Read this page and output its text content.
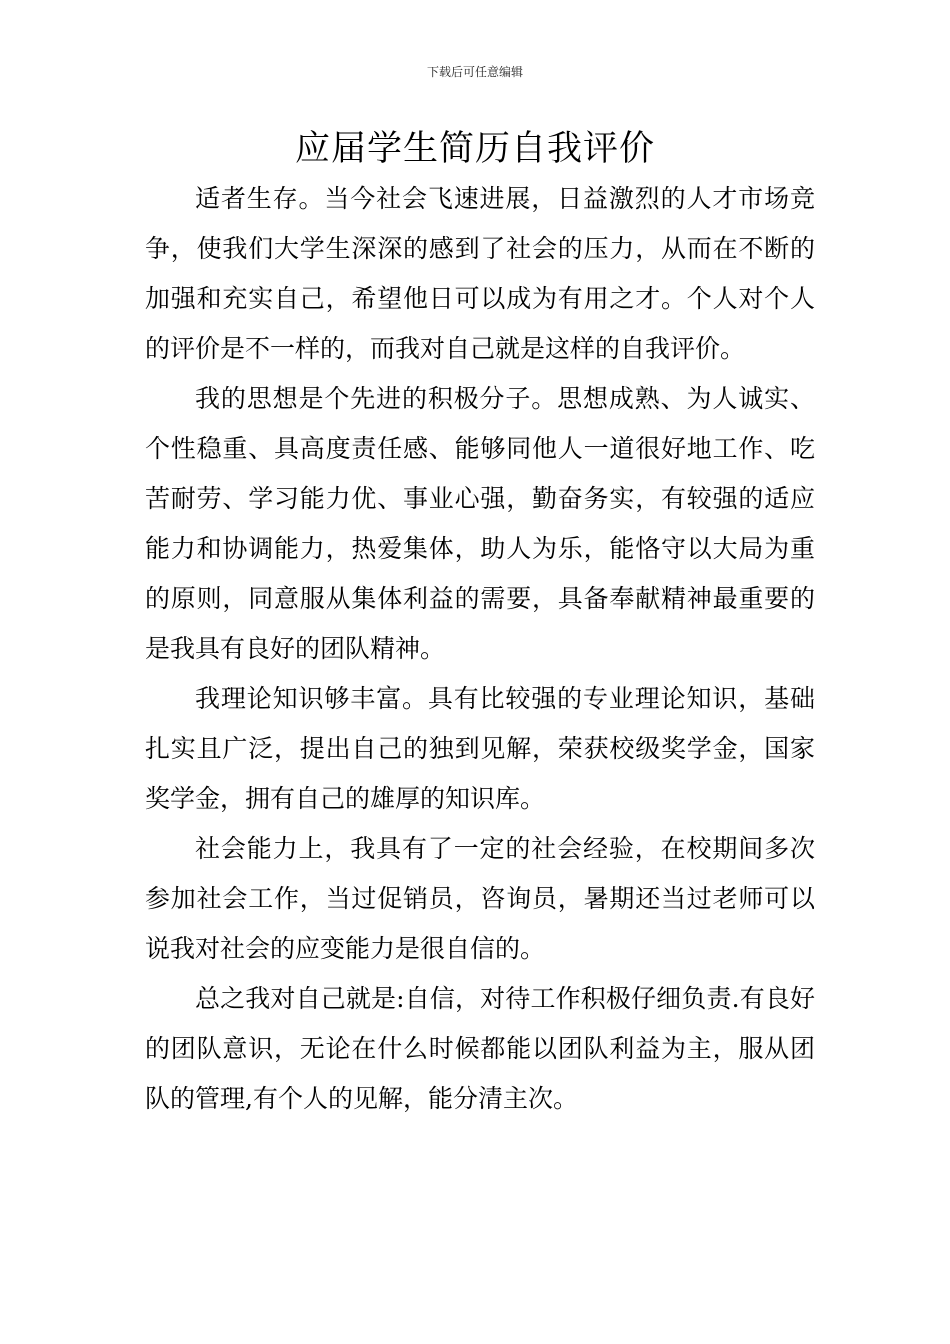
下载后可任意编辑
应届学生简历自我评价

适者生存。当今社会飞速进展，日益激烈的人才市场竞争，使我们大学生深深的感到了社会的压力，从而在不断的加强和充实自己，希望他日可以成为有用之才。个人对个人的评价是不一样的，而我对自己就是这样的自我评价。

我的思想是个先进的积极分子。思想成熟、为人诚实、个性稳重、具高度责任感、能够同他人一道很好地工作、吃苦耐劳、学习能力优、事业心强，勤奋务实，有较强的适应能力和协调能力，热爱集体，助人为乐，能恪守以大局为重的原则，同意服从集体利益的需要，具备奉献精神最重要的是我具有良好的团队精神。

我理论知识够丰富。具有比较强的专业理论知识，基础扎实且广泛，提出自己的独到见解，荣获校级奖学金，国家奖学金，拥有自己的雄厚的知识库。

社会能力上，我具有了一定的社会经验，在校期间多次参加社会工作，当过促销员，咨询员，暑期还当过老师可以说我对社会的应变能力是很自信的。

总之我对自己就是:自信，对待工作积极仔细负责.有良好的团队意识，无论在什么时候都能以团队利益为主，服从团队的管理,有个人的见解，能分清主次。
